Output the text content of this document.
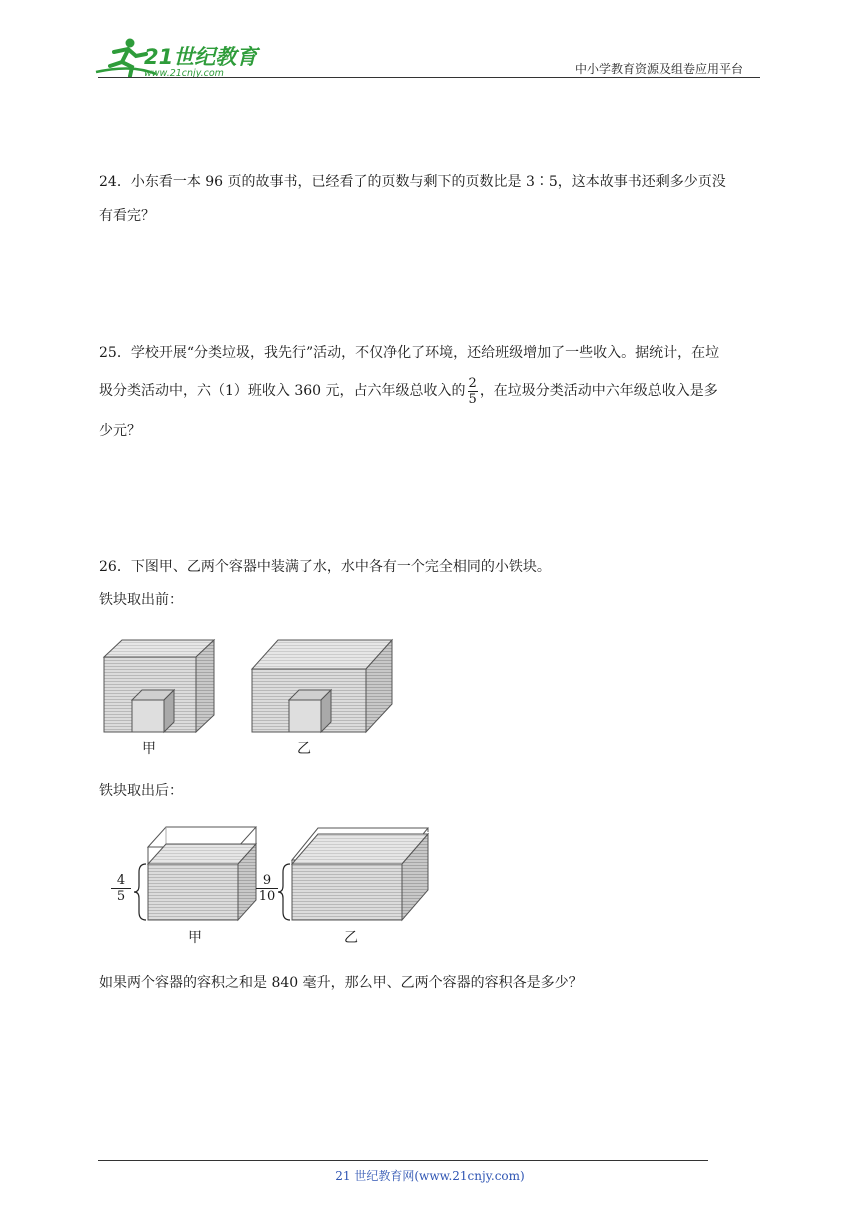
21世纪教育
www.21cnjy.com	中小学教育资源及组卷应用平台
24．小东看一本 96 页的故事书，已经看了的页数与剩下的页数比是 3∶5，这本故事书还剩多少页没
有看完？
25．学校开展“分类垃圾，我先行”活动，不仅净化了环境，还给班级增加了一些收入。据统计，在垃
圾分类活动中，六（1）班收入 360 元，占六年级总收入的 $\frac{2}{5}$ ，在垃圾分类活动中六年级总收入是多
少元？
26．下图甲、乙两个容器中装满了水，水中各有一个完全相同的小铁块。
铁块取出前：
甲	乙
铁块取出后：
$\frac{4}{5}$	$\frac{9}{10}$
甲	乙
如果两个容器的容积之和是 840 毫升，那么甲、乙两个容器的容积各是多少？
21 世纪教育网(www.21cnjy.com)
